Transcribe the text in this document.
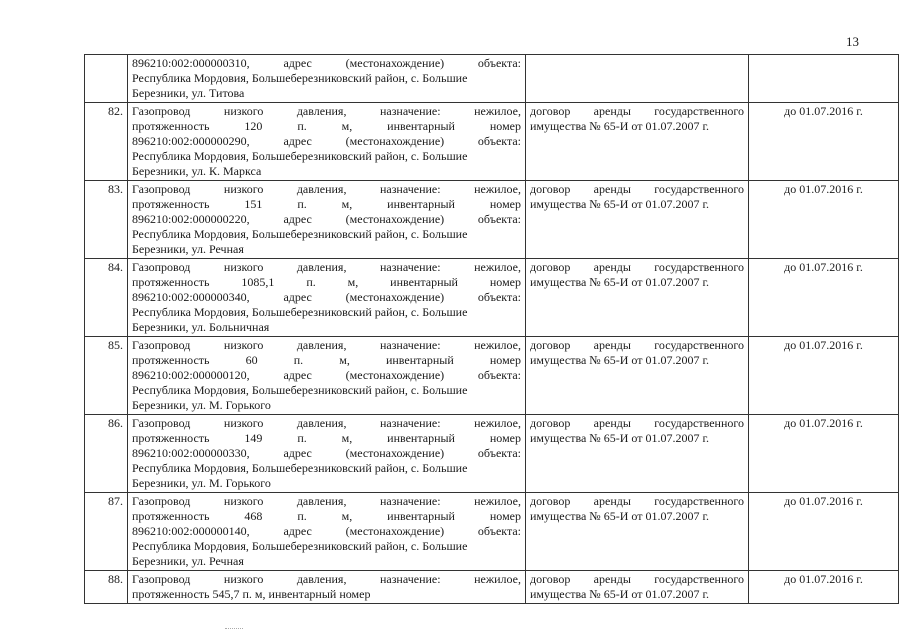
13

	896210:002:000000310, адрес (местонахождение) объекта:
Республика Мордовия, Большеберезниковский район, с. Большие
Березники, ул. Титова		

82.	Газопровод низкого давления, назначение: нежилое,
протяженность 120 п. м, инвентарный номер
896210:002:000000290, адрес (местонахождение) объекта:
Республика Мордовия, Большеберезниковский район, с. Большие
Березники, ул. К. Маркса	договор аренды государственного
имущества № 65-И от 01.07.2007 г.	до 01.07.2016 г.
83.	Газопровод низкого давления, назначение: нежилое,
протяженность 151 п. м, инвентарный номер
896210:002:000000220, адрес (местонахождение) объекта:
Республика Мордовия, Большеберезниковский район, с. Большие
Березники, ул. Речная	договор аренды государственного
имущества № 65-И от 01.07.2007 г.	до 01.07.2016 г.
84.	Газопровод низкого давления, назначение: нежилое,
протяженность 1085,1 п. м, инвентарный номер
896210:002:000000340, адрес (местонахождение) объекта:
Республика Мордовия, Большеберезниковский район, с. Большие
Березники, ул. Больничная	договор аренды государственного
имущества № 65-И от 01.07.2007 г.	до 01.07.2016 г.
85.	Газопровод низкого давления, назначение: нежилое,
протяженность 60 п. м, инвентарный номер
896210:002:000000120, адрес (местонахождение) объекта:
Республика Мордовия, Большеберезниковский район, с. Большие
Березники, ул. М. Горького	договор аренды государственного
имущества № 65-И от 01.07.2007 г.	до 01.07.2016 г.
86.	Газопровод низкого давления, назначение: нежилое,
протяженность 149 п. м, инвентарный номер
896210:002:000000330, адрес (местонахождение) объекта:
Республика Мордовия, Большеберезниковский район, с. Большие
Березники, ул. М. Горького	договор аренды государственного
имущества № 65-И от 01.07.2007 г.	до 01.07.2016 г.
87.	Газопровод низкого давления, назначение: нежилое,
протяженность 468 п. м, инвентарный номер
896210:002:000000140, адрес (местонахождение) объекта:
Республика Мордовия, Большеберезниковский район, с. Большие
Березники, ул. Речная	договор аренды государственного
имущества № 65-И от 01.07.2007 г.	до 01.07.2016 г.
88.	Газопровод низкого давления, назначение: нежилое,
протяженность 545,7 п. м, инвентарный номер	договор аренды государственного
имущества № 65-И от 01.07.2007 г.	до 01.07.2016 г.
